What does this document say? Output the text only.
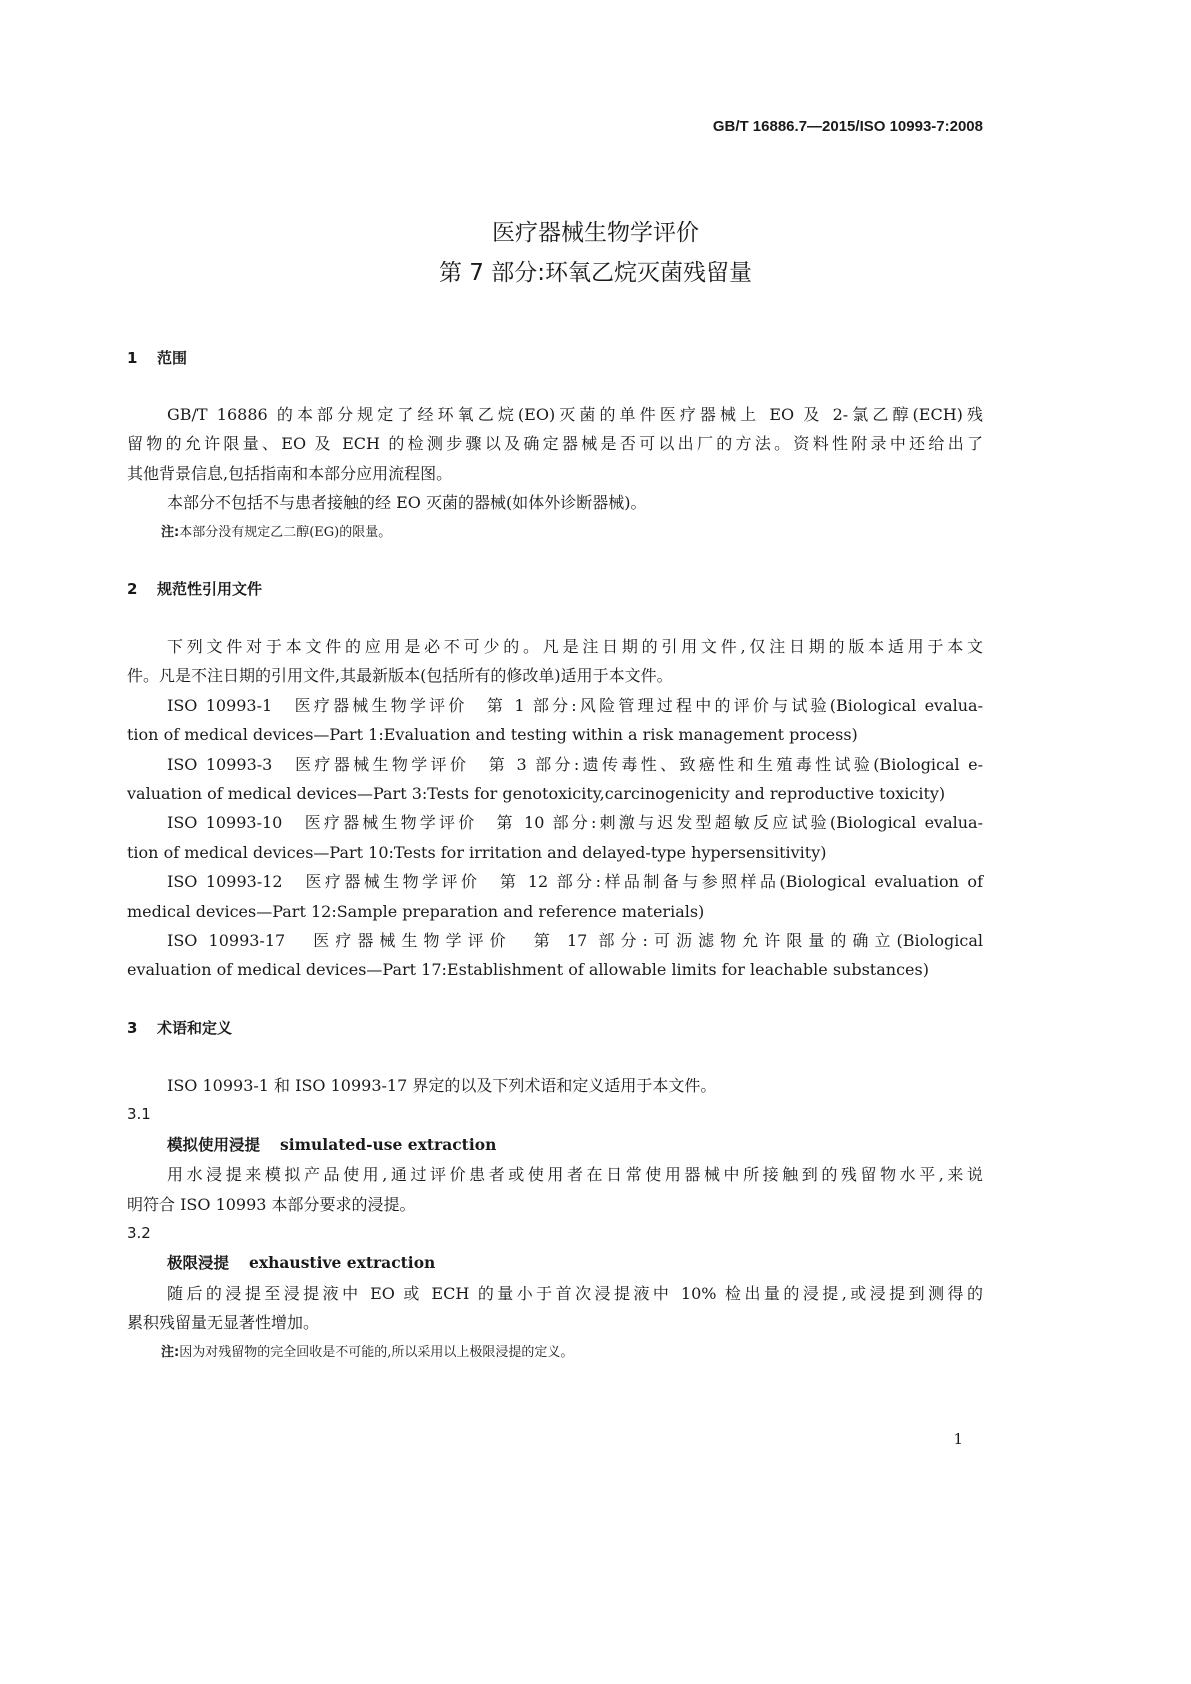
GB/T 16886.7—2015/ISO 10993-7:2008
医疗器械生物学评价
第 7 部分:环氧乙烷灭菌残留量
1 范围
GB/T 16886 的本部分规定了经环氧乙烷(EO)灭菌的单件医疗器械上 EO 及 2-氯乙醇(ECH)残
留物的允许限量、EO 及 ECH 的检测步骤以及确定器械是否可以出厂的方法。资料性附录中还给出了
其他背景信息,包括指南和本部分应用流程图。
本部分不包括不与患者接触的经 EO 灭菌的器械(如体外诊断器械)。
注:本部分没有规定乙二醇(EG)的限量。
2 规范性引用文件
下列文件对于本文件的应用是必不可少的。凡是注日期的引用文件,仅注日期的版本适用于本文
件。凡是不注日期的引用文件,其最新版本(包括所有的修改单)适用于本文件。
ISO 10993-1　医疗器械生物学评价　第 1 部分:风险管理过程中的评价与试验(Biological evalua-
tion of medical devices—Part 1:Evaluation and testing within a risk management process)
ISO 10993-3　医疗器械生物学评价　第 3 部分:遗传毒性、致癌性和生殖毒性试验(Biological e-
valuation of medical devices—Part 3:Tests for genotoxicity,carcinogenicity and reproductive toxicity)
ISO 10993-10　医疗器械生物学评价　第 10 部分:刺激与迟发型超敏反应试验(Biological evalua-
tion of medical devices—Part 10:Tests for irritation and delayed-type hypersensitivity)
ISO 10993-12　医疗器械生物学评价　第 12 部分:样品制备与参照样品(Biological evaluation of
medical devices—Part 12:Sample preparation and reference materials)
ISO 10993-17　医疗器械生物学评价　第 17 部分:可沥滤物允许限量的确立(Biological
evaluation of medical devices—Part 17:Establishment of allowable limits for leachable substances)
3 术语和定义
ISO 10993-1 和 ISO 10993-17 界定的以及下列术语和定义适用于本文件。
3.1
模拟使用浸提 simulated-use extraction
用水浸提来模拟产品使用,通过评价患者或使用者在日常使用器械中所接触到的残留物水平,来说
明符合 ISO 10993 本部分要求的浸提。
3.2
极限浸提 exhaustive extraction
随后的浸提至浸提液中 EO 或 ECH 的量小于首次浸提液中 10% 检出量的浸提,或浸提到测得的
累积残留量无显著性增加。
注:因为对残留物的完全回收是不可能的,所以采用以上极限浸提的定义。
1
